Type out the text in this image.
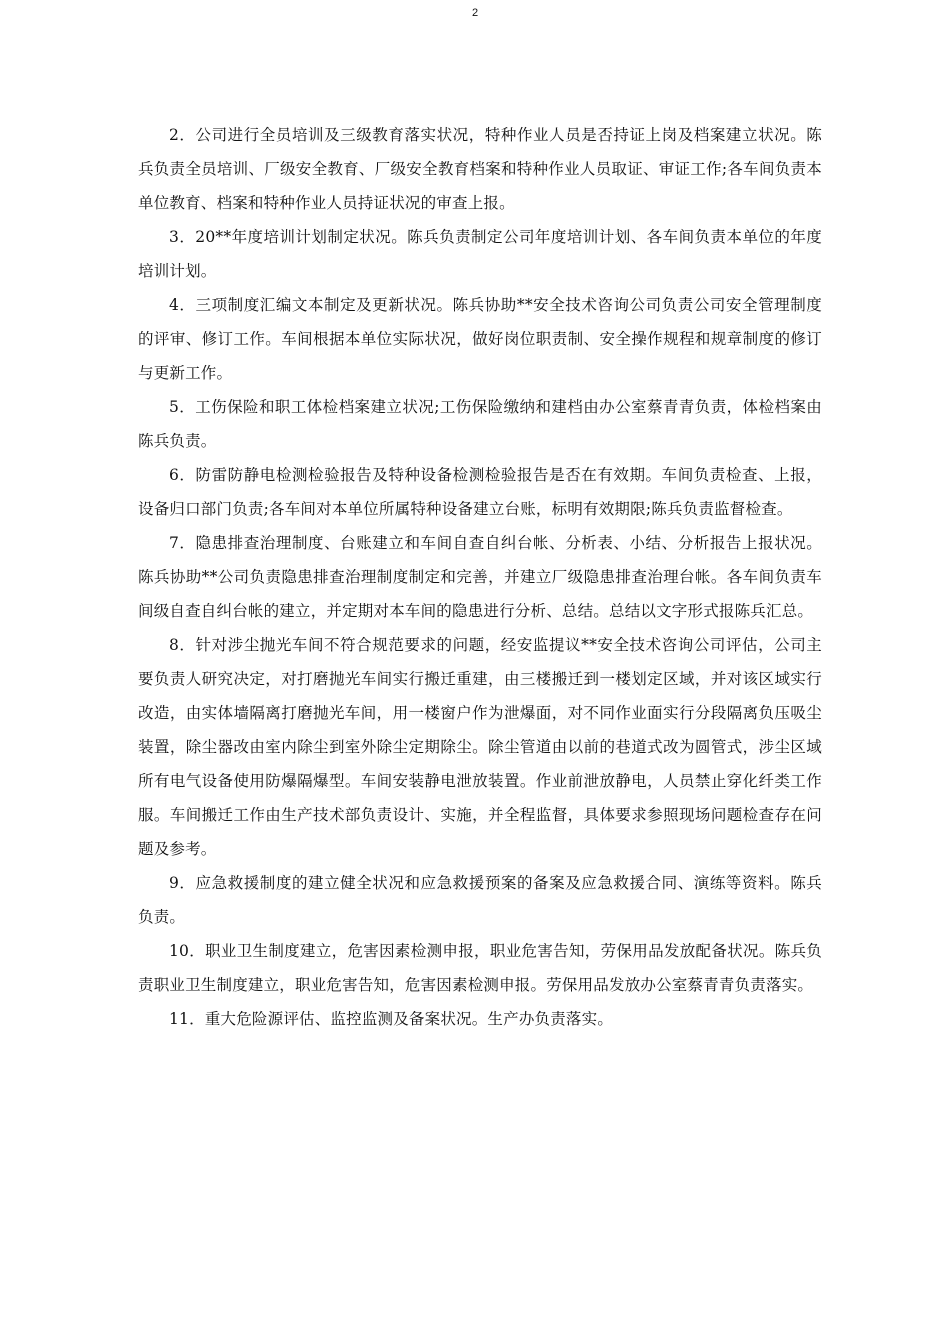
2

2．公司进行全员培训及三级教育落实状况，特种作业人员是否持证上岗及档案建立状况。陈兵负责全员培训、厂级安全教育、厂级安全教育档案和特种作业人员取证、审证工作;各车间负责本单位教育、档案和特种作业人员持证状况的审查上报。

3．20**年度培训计划制定状况。陈兵负责制定公司年度培训计划、各车间负责本单位的年度培训计划。

4．三项制度汇编文本制定及更新状况。陈兵协助**安全技术咨询公司负责公司安全管理制度的评审、修订工作。车间根据本单位实际状况，做好岗位职责制、安全操作规程和规章制度的修订与更新工作。

5．工伤保险和职工体检档案建立状况;工伤保险缴纳和建档由办公室蔡青青负责，体检档案由陈兵负责。

6．防雷防静电检测检验报告及特种设备检测检验报告是否在有效期。车间负责检查、上报，设备归口部门负责;各车间对本单位所属特种设备建立台账，标明有效期限;陈兵负责监督检查。

7．隐患排查治理制度、台账建立和车间自查自纠台帐、分析表、小结、分析报告上报状况。陈兵协助**公司负责隐患排查治理制度制定和完善，并建立厂级隐患排查治理台帐。各车间负责车间级自查自纠台帐的建立，并定期对本车间的隐患进行分析、总结。总结以文字形式报陈兵汇总。

8．针对涉尘抛光车间不符合规范要求的问题，经安监提议**安全技术咨询公司评估，公司主要负责人研究决定，对打磨抛光车间实行搬迁重建，由三楼搬迁到一楼划定区域，并对该区域实行改造，由实体墙隔离打磨抛光车间，用一楼窗户作为泄爆面，对不同作业面实行分段隔离负压吸尘装置，除尘器改由室内除尘到室外除尘定期除尘。除尘管道由以前的巷道式改为圆管式，涉尘区域所有电气设备使用防爆隔爆型。车间安装静电泄放装置。作业前泄放静电，人员禁止穿化纤类工作服。车间搬迁工作由生产技术部负责设计、实施，并全程监督，具体要求参照现场问题检查存在问题及参考。

9．应急救援制度的建立健全状况和应急救援预案的备案及应急救援合同、演练等资料。陈兵负责。

10．职业卫生制度建立，危害因素检测申报，职业危害告知，劳保用品发放配备状况。陈兵负责职业卫生制度建立，职业危害告知，危害因素检测申报。劳保用品发放办公室蔡青青负责落实。

11．重大危险源评估、监控监测及备案状况。生产办负责落实。
